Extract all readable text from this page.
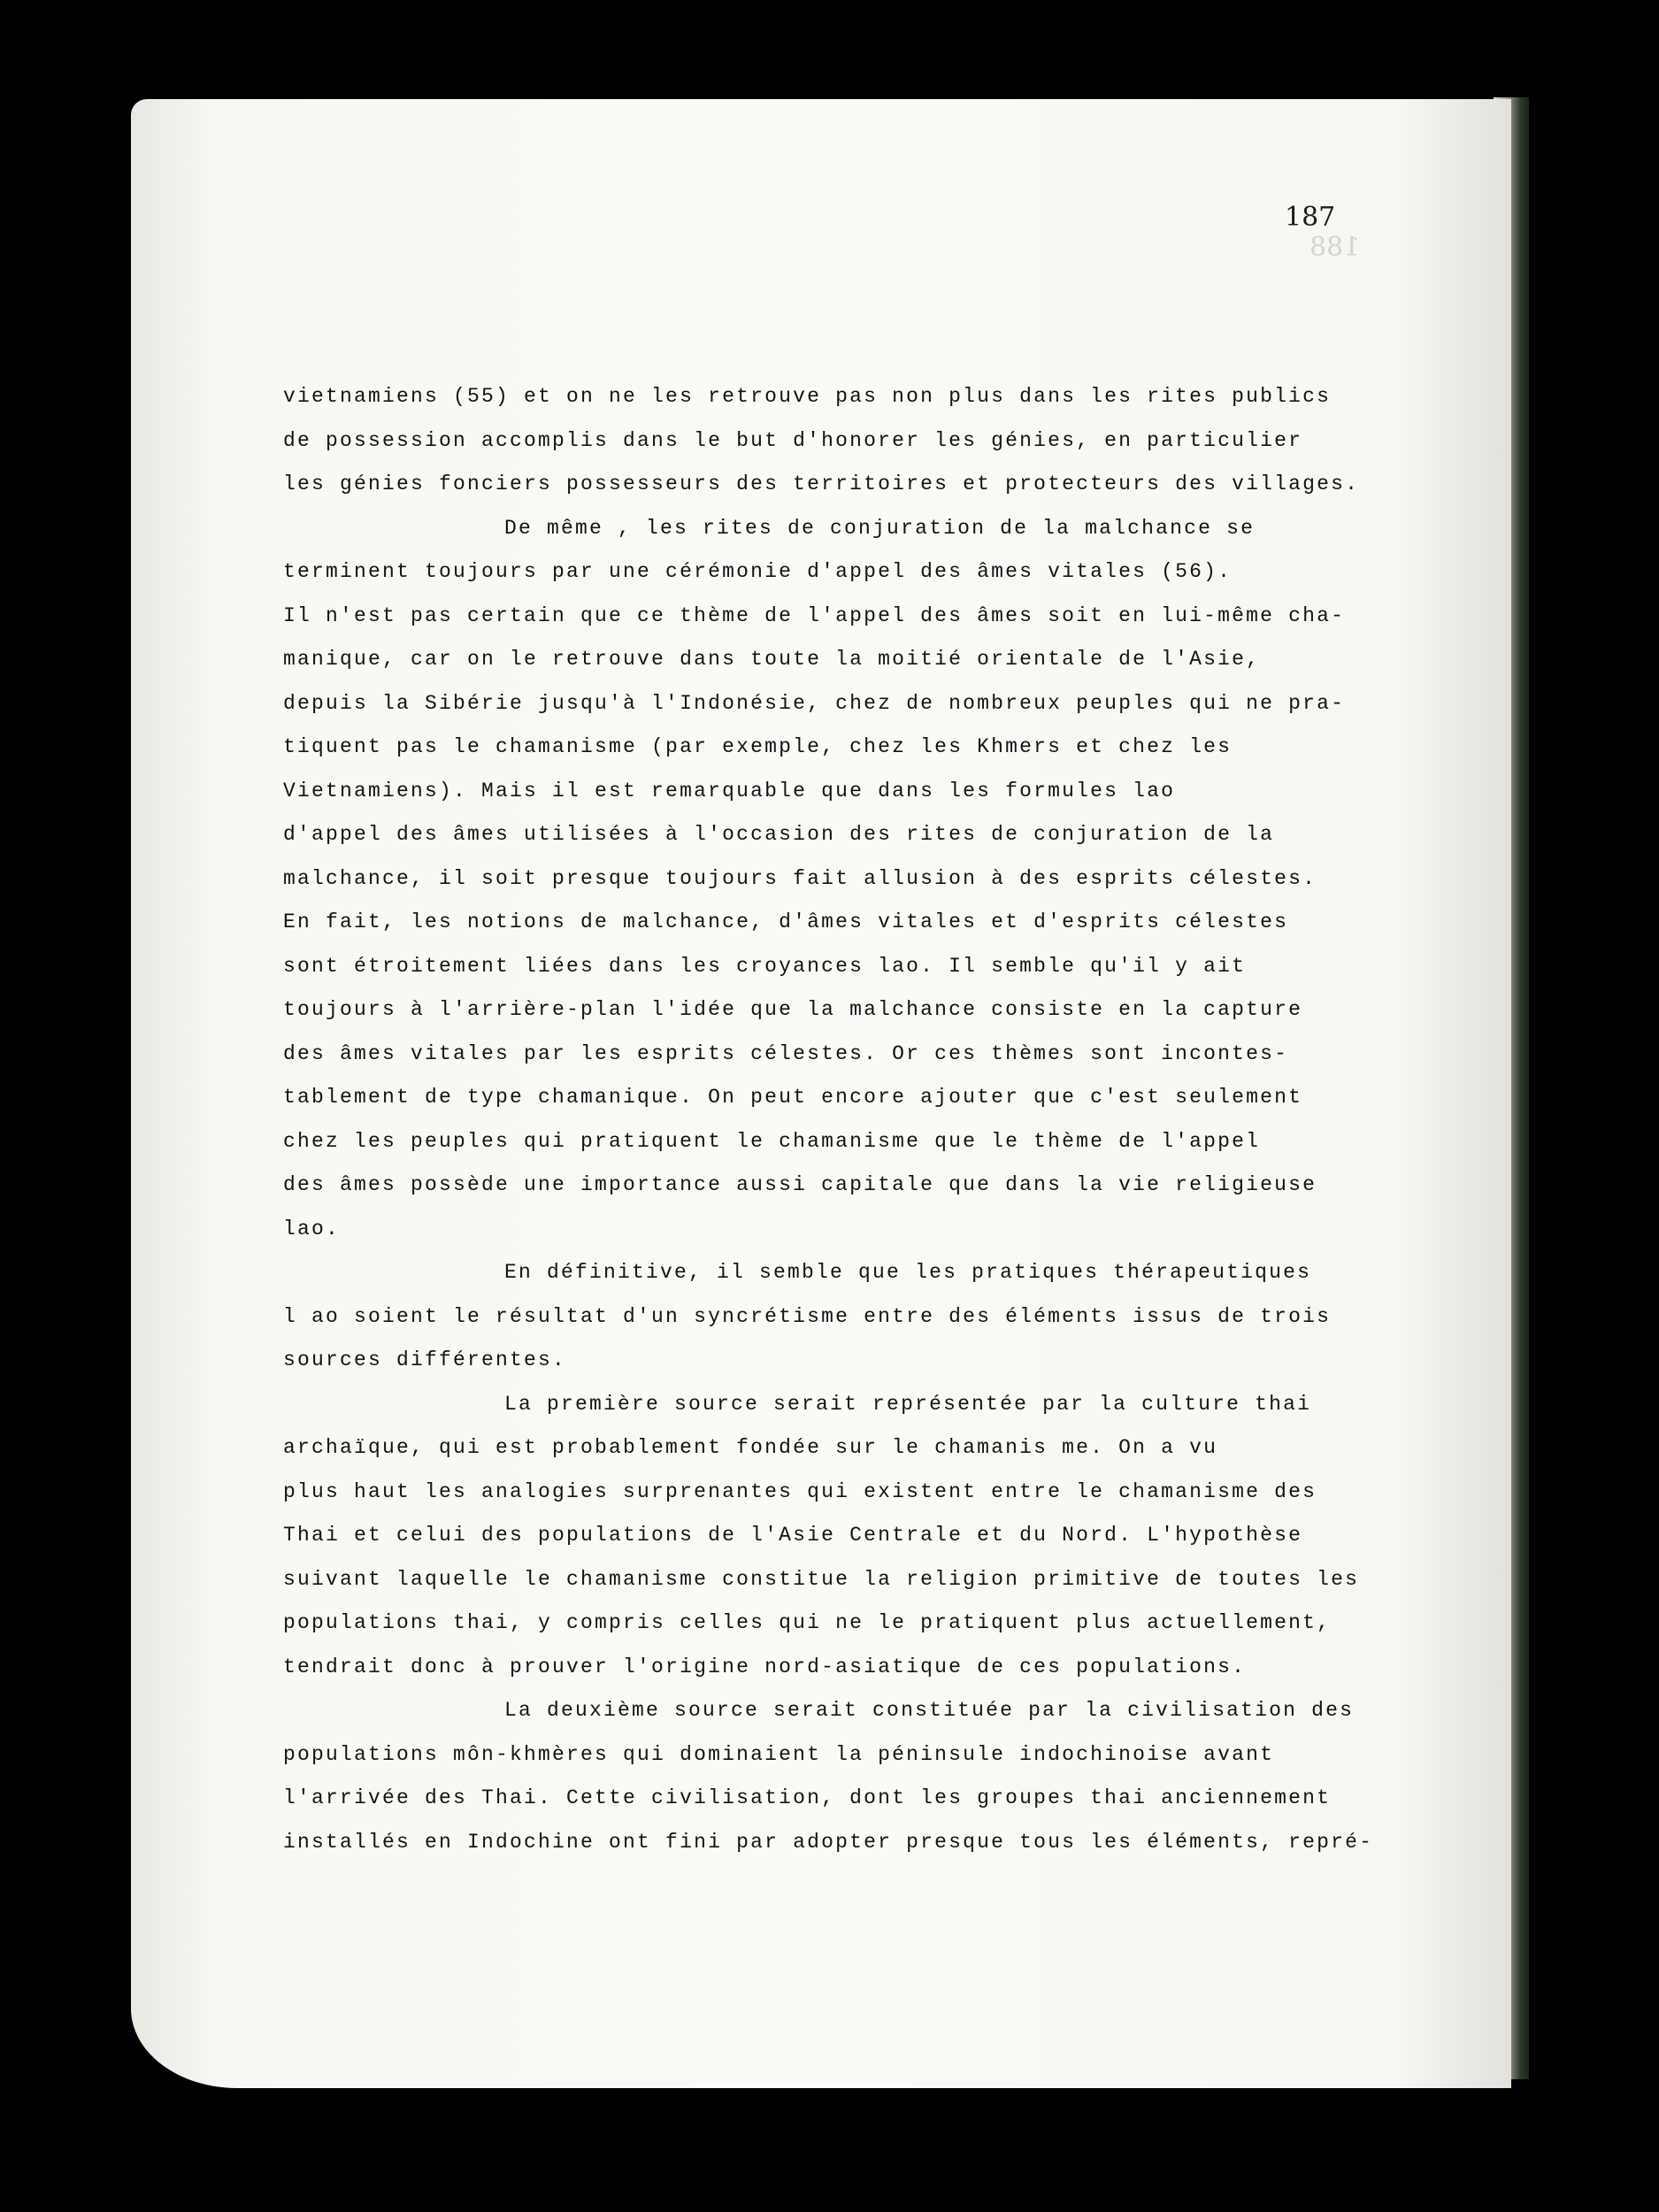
188
187
vietnamiens (55) et on ne les retrouve pas non plus dans les rites publics
de possession accomplis dans le but d'honorer les génies, en particulier
les génies fonciers possesseurs des territoires et protecteurs des villages.
De même , les rites de conjuration de la malchance se
terminent toujours par une cérémonie d'appel des âmes vitales (56).
Il n'est pas certain que ce thème de l'appel des âmes soit en lui-même cha-
manique, car on le retrouve dans toute la moitié orientale de l'Asie,
depuis la Sibérie jusqu'à l'Indonésie, chez de nombreux peuples qui ne pra-
tiquent pas le chamanisme (par exemple, chez les Khmers et chez les
Vietnamiens). Mais il est remarquable que dans les formules lao
d'appel des âmes utilisées à l'occasion des rites de conjuration de la
malchance, il soit presque toujours fait allusion à des esprits célestes.
En fait, les notions de malchance, d'âmes vitales et d'esprits célestes
sont étroitement liées dans les croyances lao. Il semble qu'il y ait
toujours à l'arrière-plan l'idée que la malchance consiste en la capture
des âmes vitales par les esprits célestes. Or ces thèmes sont incontes-
tablement de type chamanique. On peut encore ajouter que c'est seulement
chez les peuples qui pratiquent le chamanisme que le thème de l'appel
des âmes possède une importance aussi capitale que dans la vie religieuse
lao.
En définitive, il semble que les pratiques thérapeutiques
l ao soient le résultat d'un syncrétisme entre des éléments issus de trois
sources différentes.
La première source serait représentée par la culture thai
archaïque, qui est probablement fondée sur le chamanis me. On a vu
plus haut les analogies surprenantes qui existent entre le chamanisme des
Thai et celui des populations de l'Asie Centrale et du Nord. L'hypothèse
suivant laquelle le chamanisme constitue la religion primitive de toutes les
populations thai, y compris celles qui ne le pratiquent plus actuellement,
tendrait donc à prouver l'origine nord-asiatique de ces populations.
La deuxième source serait constituée par la civilisation des
populations môn-khmères qui dominaient la péninsule indochinoise avant
l'arrivée des Thai. Cette civilisation, dont les groupes thai anciennement
installés en Indochine ont fini par adopter presque tous les éléments, repré-
